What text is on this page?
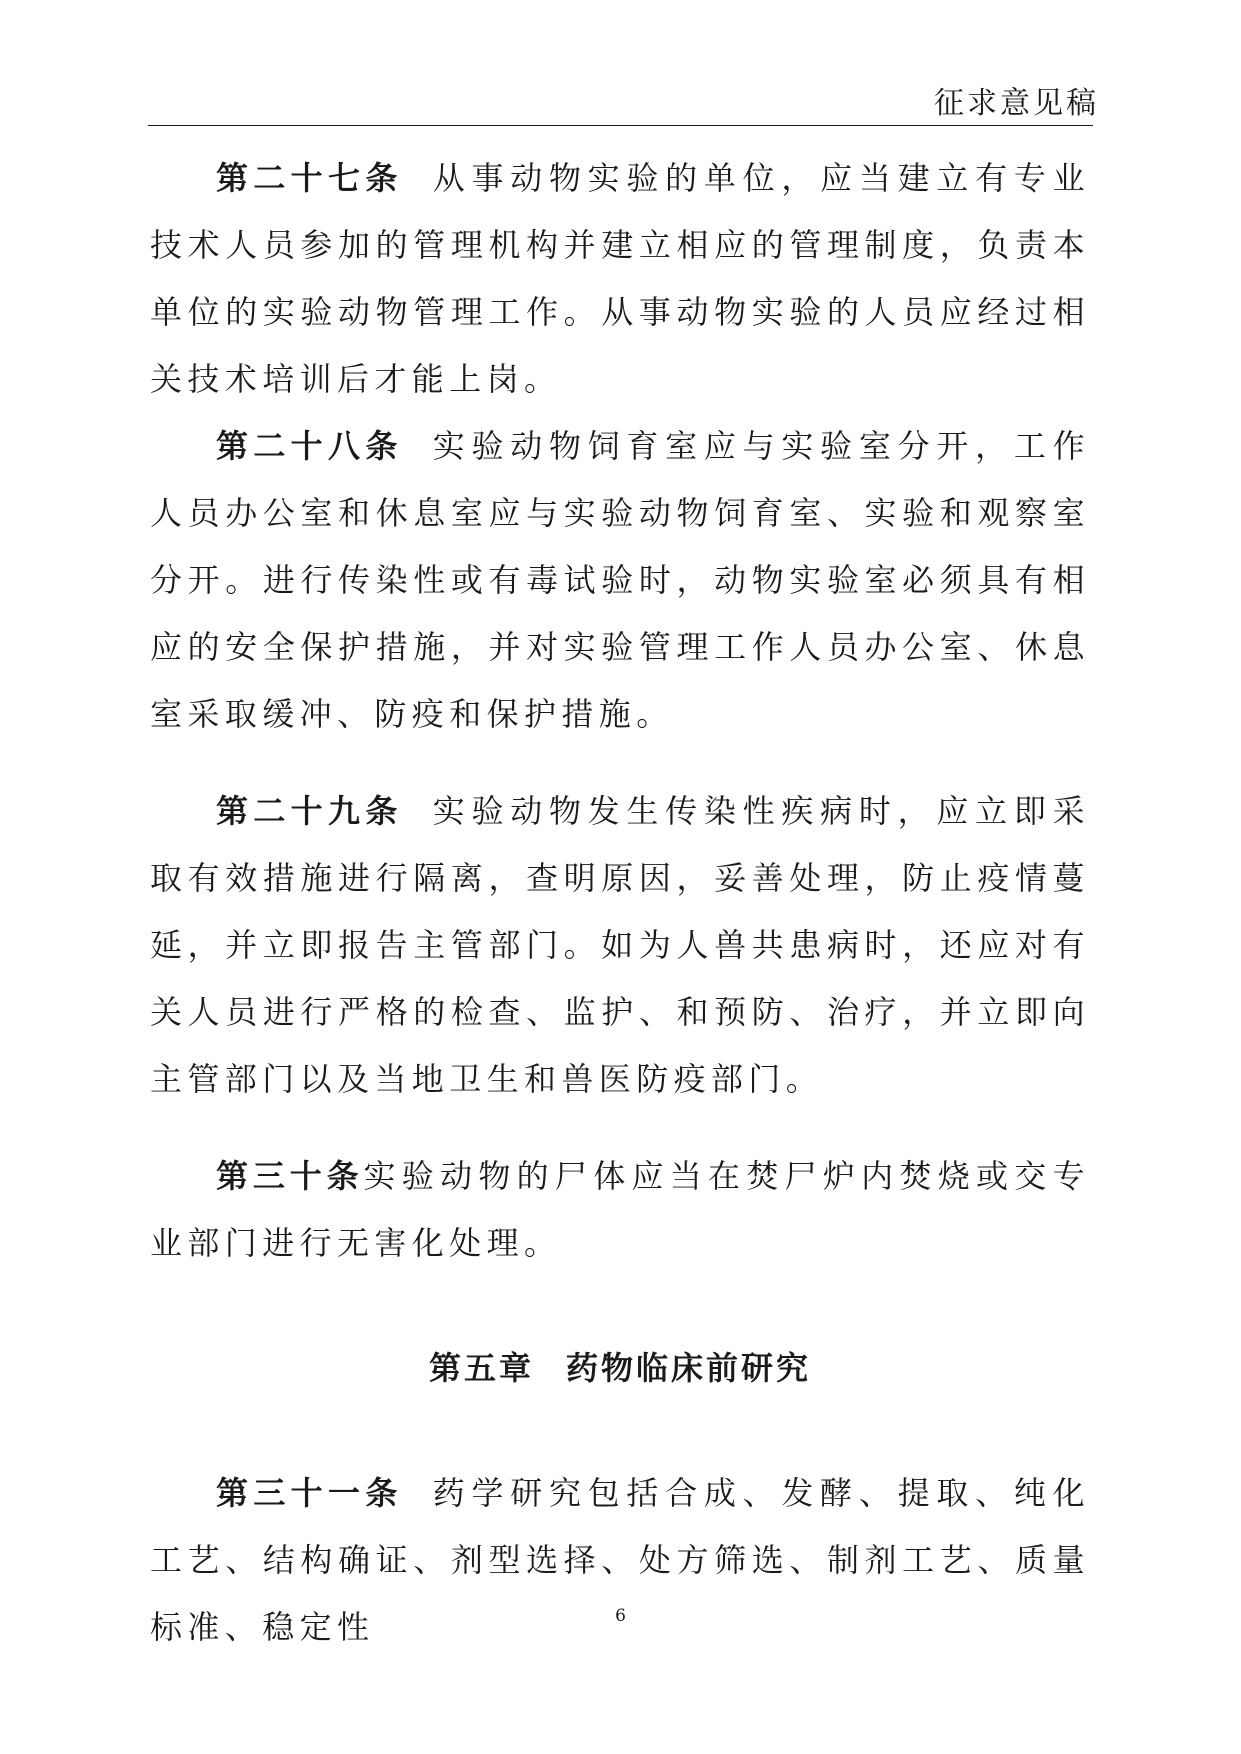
征求意见稿

第二十七条 从事动物实验的单位，应当建立有专业技术人员参加的管理机构并建立相应的管理制度，负责本单位的实验动物管理工作。从事动物实验的人员应经过相关技术培训后才能上岗。

第二十八条 实验动物饲育室应与实验室分开，工作人员办公室和休息室应与实验动物饲育室、实验和观察室分开。进行传染性或有毒试验时，动物实验室必须具有相应的安全保护措施，并对实验管理工作人员办公室、休息室采取缓冲、防疫和保护措施。

第二十九条 实验动物发生传染性疾病时，应立即采取有效措施进行隔离，查明原因，妥善处理，防止疫情蔓延，并立即报告主管部门。如为人兽共患病时，还应对有关人员进行严格的检查、监护、和预防、治疗，并立即向主管部门以及当地卫生和兽医防疫部门。

第三十条实验动物的尸体应当在焚尸炉内焚烧或交专业部门进行无害化处理。

第五章 药物临床前研究

第三十一条 药学研究包括合成、发酵、提取、纯化工艺、结构确证、剂型选择、处方筛选、制剂工艺、质量标准、稳定性	6
